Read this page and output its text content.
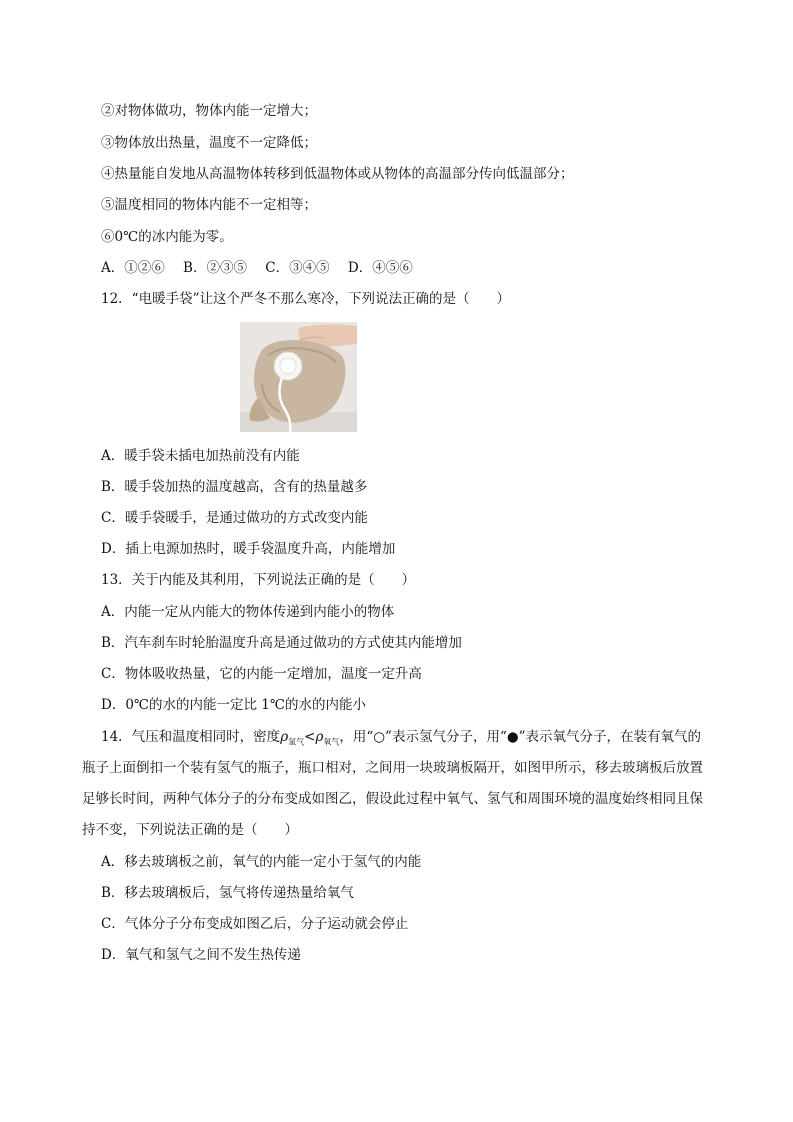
②对物体做功，物体内能一定增大；
③物体放出热量，温度不一定降低；
④热量能自发地从高温物体转移到低温物体或从物体的高温部分传向低温部分；
⑤温度相同的物体内能不一定相等；
⑥0℃的冰内能为零。
A．①②⑥ B．②③⑤ C．③④⑤ D．④⑤⑥
12．“电暖手袋”让这个严冬不那么寒冷，下列说法正确的是（　　）
A．暖手袋未插电加热前没有内能
B．暖手袋加热的温度越高，含有的热量越多
C．暖手袋暖手，是通过做功的方式改变内能
D．插上电源加热时，暖手袋温度升高，内能增加
13．关于内能及其利用，下列说法正确的是（　　）
A．内能一定从内能大的物体传递到内能小的物体
B．汽车刹车时轮胎温度升高是通过做功的方式使其内能增加
C．物体吸收热量，它的内能一定增加，温度一定升高
D．0℃的水的内能一定比 1℃的水的内能小
14．气压和温度相同时，密度$\rho_{氢气}<\rho_{氧气}$，用“○”表示氢气分子，用“●”表示氧气分子，在装有氧气的
瓶子上面倒扣一个装有氢气的瓶子，瓶口相对，之间用一块玻璃板隔开，如图甲所示，移去玻璃板后放置
足够长时间，两种气体分子的分布变成如图乙，假设此过程中氧气、氢气和周围环境的温度始终相同且保
持不变，下列说法正确的是（　　）
A．移去玻璃板之前，氧气的内能一定小于氢气的内能
B．移去玻璃板后，氢气将传递热量给氧气
C．气体分子分布变成如图乙后，分子运动就会停止
D．氧气和氢气之间不发生热传递
